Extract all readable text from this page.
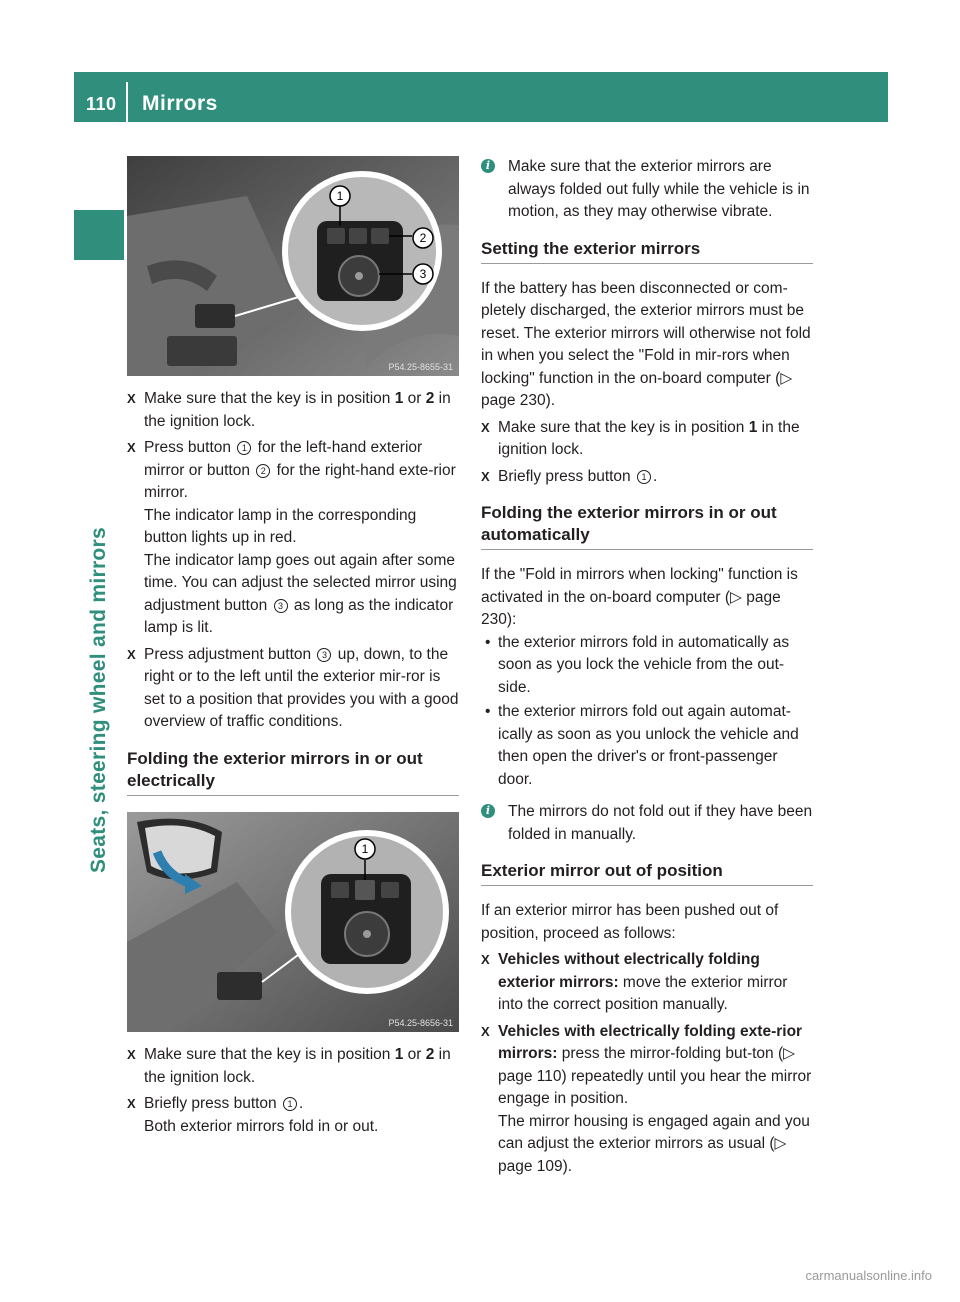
110 Mirrors
Seats, steering wheel and mirrors
1
2
3
P54.25-8655-31
X Make sure that the key is in position 1 or 2 in the ignition lock.
X Press button 1 for the left-hand exterior mirror or button 2 for the right-hand exte-rior mirror.

The indicator lamp in the corresponding button lights up in red.

The indicator lamp goes out again after some time. You can adjust the selected mirror using adjustment button 3 as long as the indicator lamp is lit.

X Press adjustment button 3 up, down, to the right or to the left until the exterior mir-ror is set to a position that provides you with a good overview of traffic conditions.
Folding the exterior mirrors in or out electrically
1
P54.25-8656-31
X Make sure that the key is in position 1 or 2 in the ignition lock.
X Briefly press button 1 .

Both exterior mirrors fold in or out.

i	Make sure that the exterior mirrors are always folded out fully while the vehicle is in motion, as they may otherwise vibrate.
Setting the exterior mirrors

If the battery has been disconnected or com-pletely discharged, the exterior mirrors must be reset. The exterior mirrors will otherwise not fold in when you select the "Fold in mir-rors when locking" function in the on-board computer (▷ page 230).

X Make sure that the key is in position 1 in the ignition lock.
X Briefly press button 1 .
Folding the exterior mirrors in or out automatically

If the "Fold in mirrors when locking" function is activated in the on-board computer (▷ page 230):

• the exterior mirrors fold in automatically as soon as you lock the vehicle from the out-side.
• the exterior mirrors fold out again automat-ically as soon as you unlock the vehicle and then open the driver's or front-passenger door.
i	The mirrors do not fold out if they have been folded in manually.
Exterior mirror out of position

If an exterior mirror has been pushed out of position, proceed as follows:

X Vehicles without electrically folding exterior mirrors: move the exterior mirror into the correct position manually.
X Vehicles with electrically folding exte-rior mirrors: press the mirror-folding but-ton (▷ page 110) repeatedly until you hear the mirror engage in position.

The mirror housing is engaged again and you can adjust the exterior mirrors as usual (▷ page 109).

carmanualsonline.info
